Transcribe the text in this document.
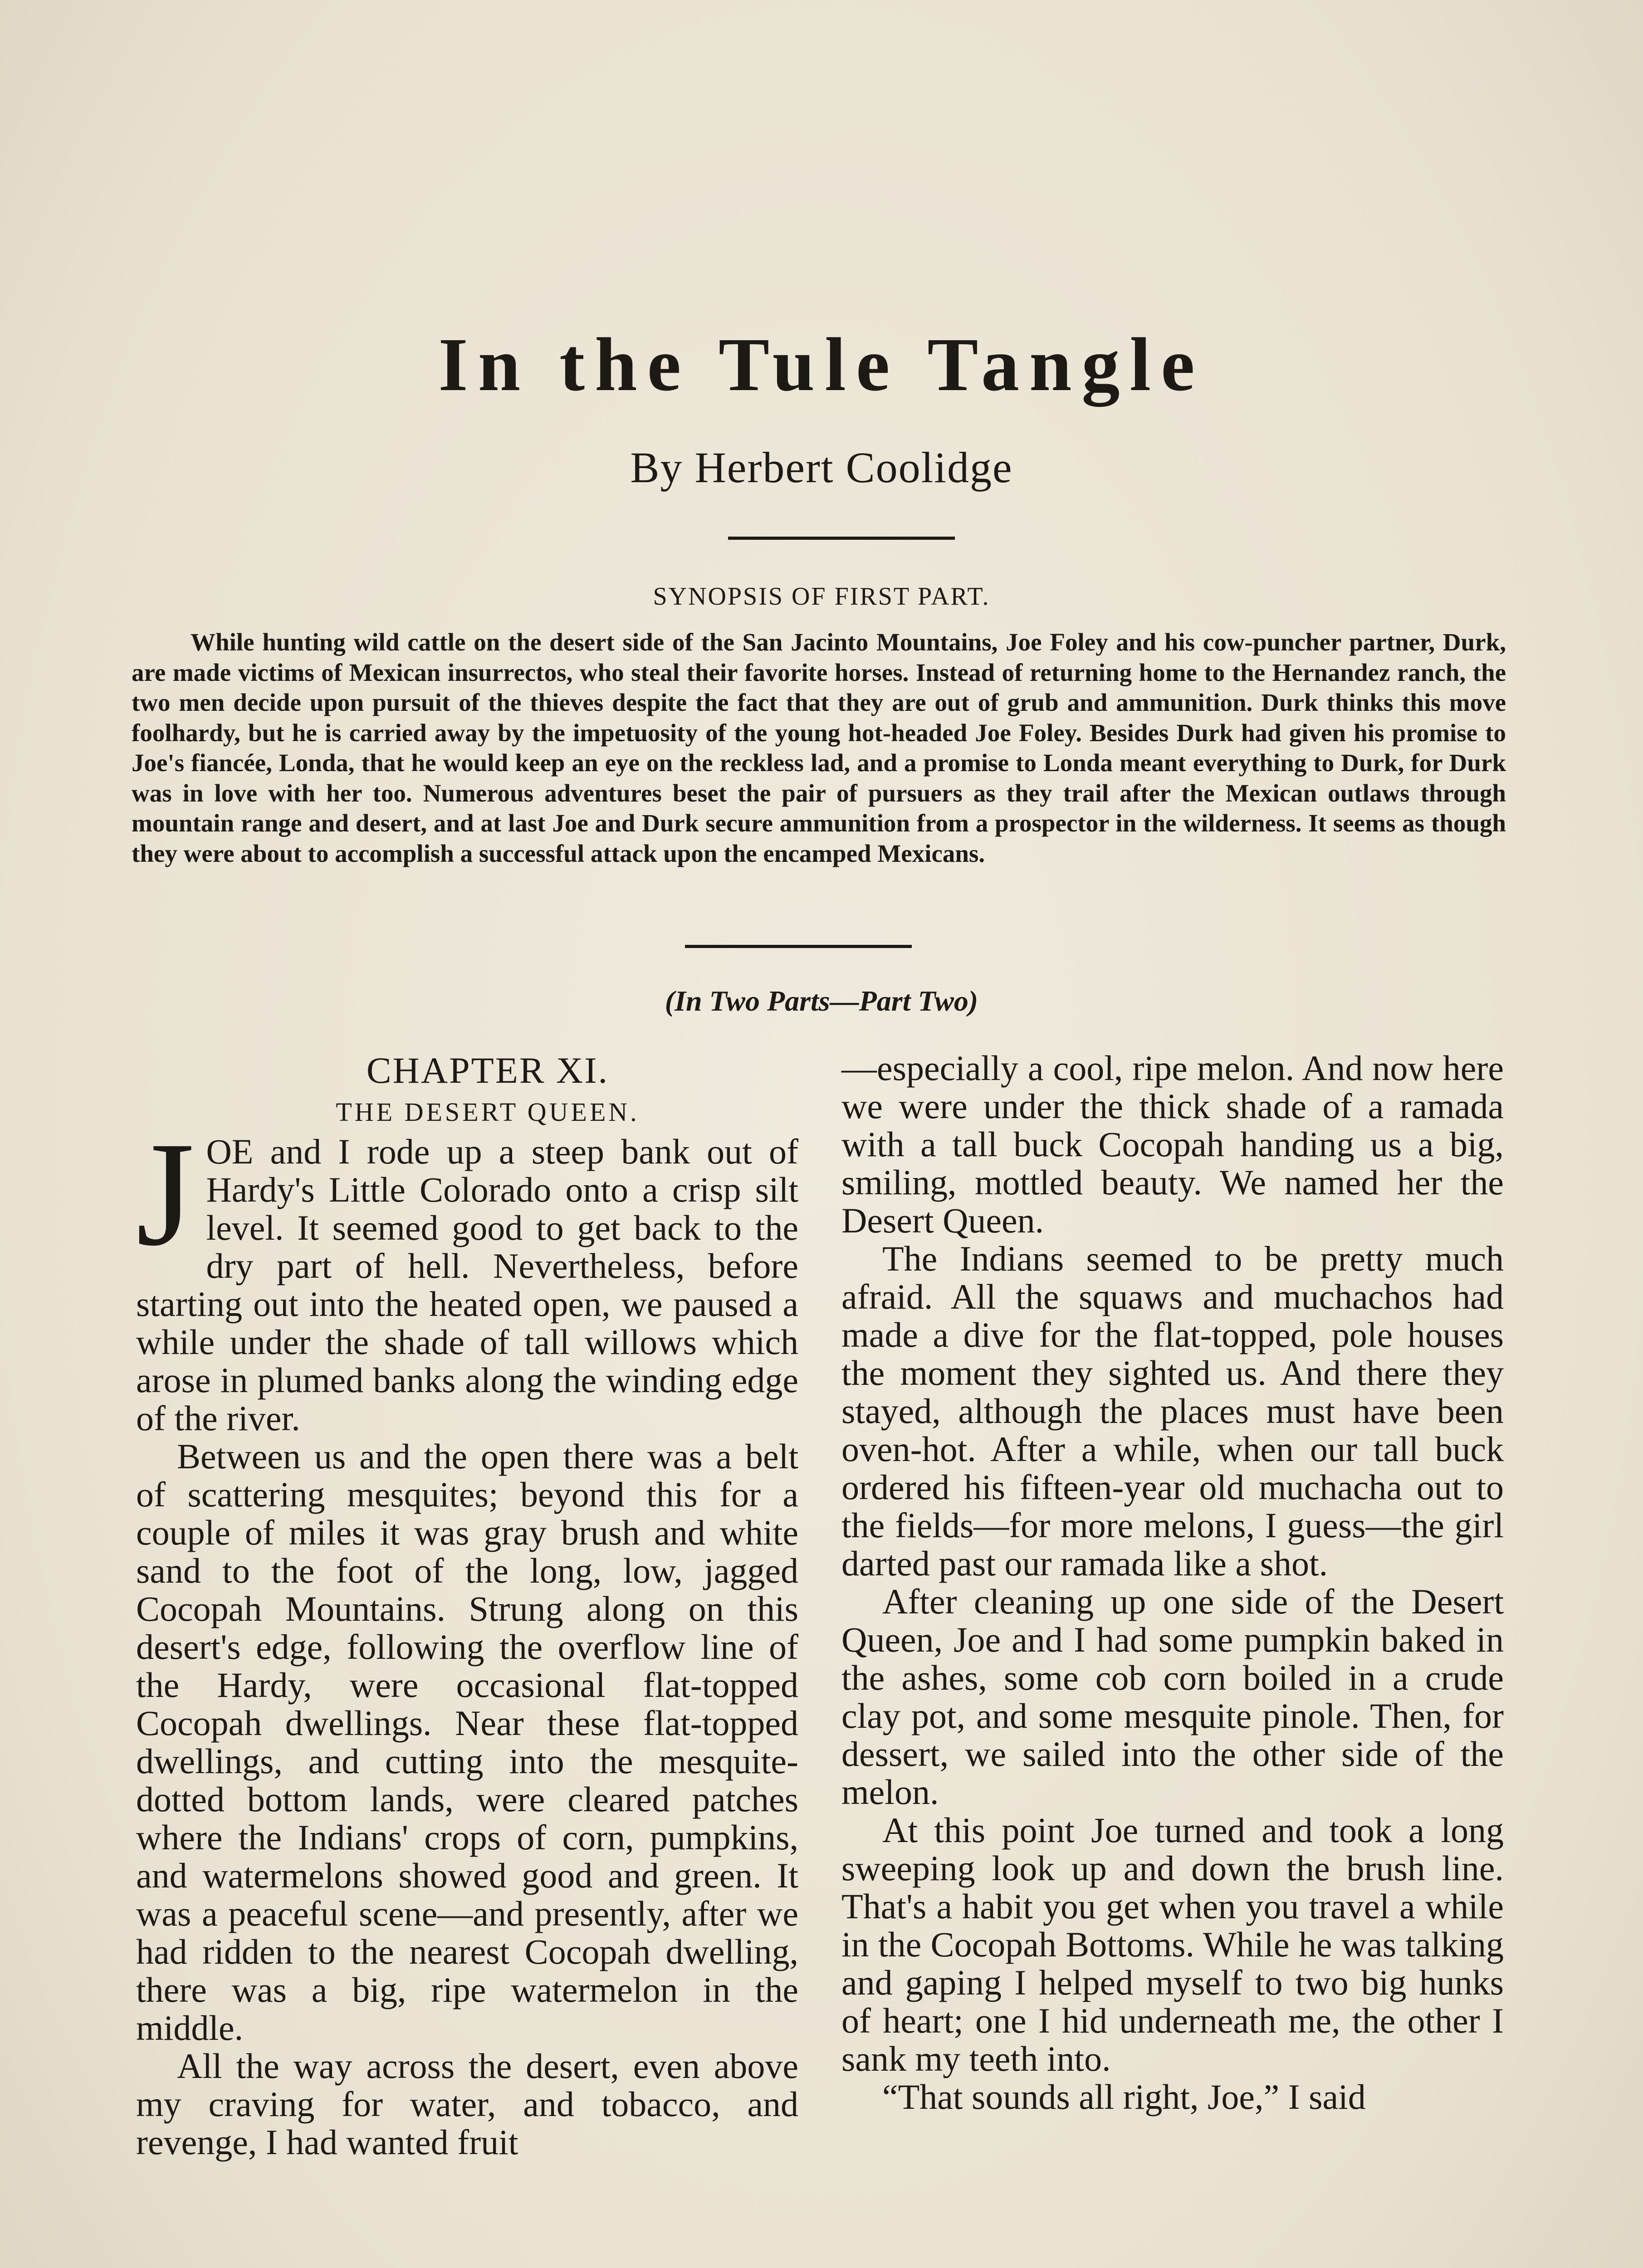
In the Tule Tangle
By Herbert Coolidge
SYNOPSIS OF FIRST PART.

While hunting wild cattle on the desert side of the San Jacinto Mountains, Joe Foley and his cow-puncher partner, Durk, are made victims of Mexican insurrectos, who steal their favorite horses. Instead of returning home to the Hernandez ranch, the two men decide upon pursuit of the thieves despite the fact that they are out of grub and ammunition. Durk thinks this move foolhardy, but he is carried away by the impetuosity of the young hot-headed Joe Foley. Besides Durk had given his promise to Joe's fiancée, Londa, that he would keep an eye on the reckless lad, and a promise to Londa meant everything to Durk, for Durk was in love with her too. Numerous adventures beset the pair of pursuers as they trail after the Mexican outlaws through mountain range and desert, and at last Joe and Durk secure ammunition from a prospector in the wilderness. It seems as though they were about to accomplish a successful attack upon the encamped Mexicans.

(In Two Parts—Part Two)

CHAPTER XI.

THE DESERT QUEEN.

J OE and I rode up a steep bank out of Hardy's Little Colorado onto a crisp silt level. It seemed good to get back to the dry part of hell. Nevertheless, before starting out into the heated open, we paused a while under the shade of tall willows which arose in plumed banks along the winding edge of the river.

Between us and the open there was a belt of scattering mesquites; beyond this for a couple of miles it was gray brush and white sand to the foot of the long, low, jagged Cocopah Mountains. Strung along on this desert's edge, following the overflow line of the Hardy, were occasional flat-topped Cocopah dwellings. Near these flat-topped dwellings, and cutting into the mesquite-dotted bottom lands, were cleared patches where the Indians' crops of corn, pumpkins, and watermelons showed good and green. It was a peaceful scene—and presently, after we had ridden to the nearest Cocopah dwelling, there was a big, ripe watermelon in the middle.

All the way across the desert, even above my craving for water, and tobacco, and revenge, I had wanted fruit

—especially a cool, ripe melon. And now here we were under the thick shade of a ramada with a tall buck Cocopah handing us a big, smiling, mottled beauty. We named her the Desert Queen.

The Indians seemed to be pretty much afraid. All the squaws and muchachos had made a dive for the flat-topped, pole houses the moment they sighted us. And there they stayed, although the places must have been oven-hot. After a while, when our tall buck ordered his fifteen-year old muchacha out to the fields—for more melons, I guess—the girl darted past our ramada like a shot.

After cleaning up one side of the Desert Queen, Joe and I had some pumpkin baked in the ashes, some cob corn boiled in a crude clay pot, and some mesquite pinole. Then, for dessert, we sailed into the other side of the melon.

At this point Joe turned and took a long sweeping look up and down the brush line. That's a habit you get when you travel a while in the Cocopah Bottoms. While he was talking and gaping I helped myself to two big hunks of heart; one I hid underneath me, the other I sank my teeth into.

“That sounds all right, Joe,” I said
